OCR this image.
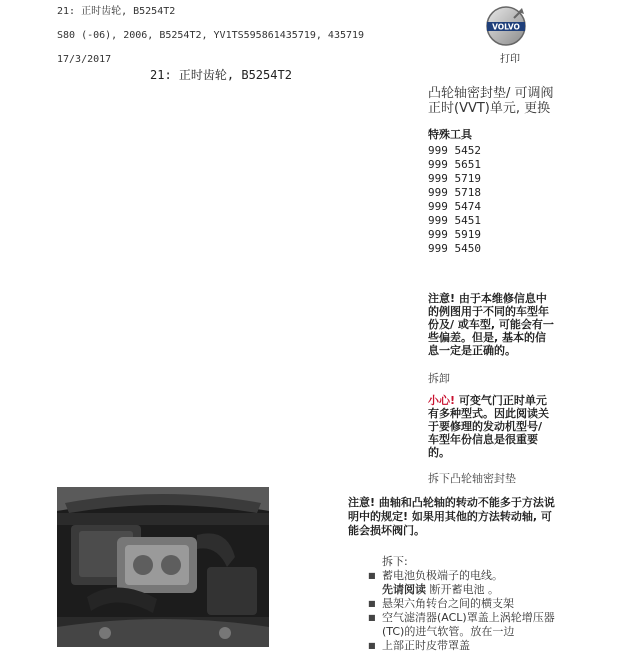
21: 正时齿轮, B5254T2
S80 (-06), 2006, B5254T2, YV1TS595861435719, 435719
17/3/2017
21: 正时齿轮, B5254T2
VOLVO
打印
凸轮轴密封垫/ 可调阀正时(VVT)单元, 更换
特殊工具
999 5452
999 5651
999 5719
999 5718
999 5474
999 5451
999 5919
999 5450

注意! 由于本维修信息中的例图用于不同的车型年份及/ 或车型, 可能会有一些偏差。但是, 基本的信息一定是正确的。

拆卸

小心! 可变气门正时单元有多种型式。因此阅读关于要修理的发动机型号/ 车型年份信息是很重要的。

拆下凸轮轴密封垫

注意! 曲轴和凸轮轴的转动不能多于方法说明中的规定! 如果用其他的方法转动轴, 可能会损坏阀门。

拆下:
■ 蓄电池负极端子的电线。
先请阅读 断开蓄电池 。
■ 悬架六角转台之间的横支架
■ 空气滤清器(ACL)罩盖上涡轮增压器(TC)的进气软管。放在一边
■ 上部正时皮带罩盖
